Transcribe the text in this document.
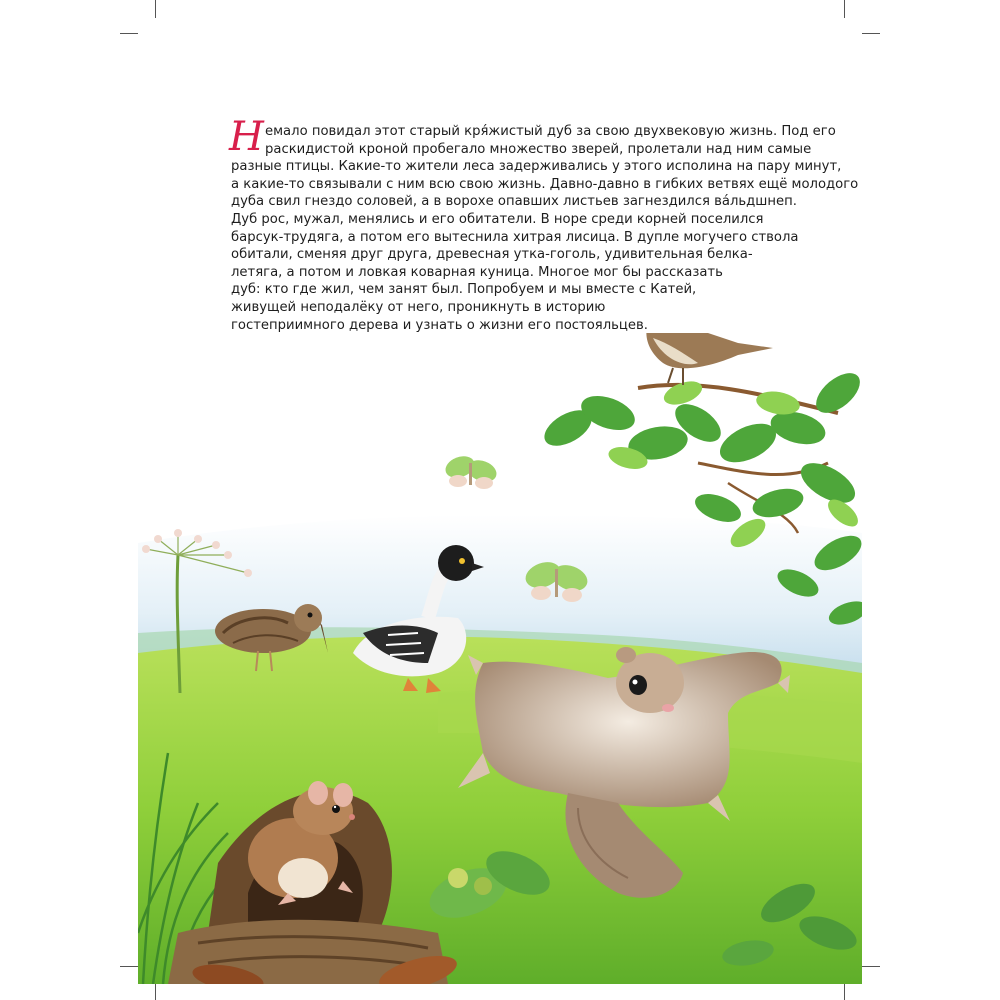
Н емало повидал этот старый кря́жистый дуб за свою двухвековую жизнь. Под его
раскидистой кроной пробегало множество зверей, пролетали над ним самые
разные птицы. Какие-то жители леса задерживались у этого исполина на пару минут,
а какие-то связывали с ним всю свою жизнь. Давно-давно в гибких ветвях ещё молодого
дуба свил гнездо соловей, а в ворохе опавших листьев загнездился ва́льдшнеп.
Дуб рос, мужал, менялись и его обитатели. В норе среди корней поселился
барсук-трудяга, а потом его вытеснила хитрая лисица. В дупле могучего ствола
обитали, сменяя друг друга, древесная утка-гоголь, удивительная белка-
летяга, а потом и ловкая коварная куница. Многое мог бы рассказать
дуб: кто где жил, чем занят был. Попробуем и мы вместе с Катей,
живущей неподалёку от него, проникнуть в историю
гостеприимного дерева и узнать о жизни его постояльцев.
